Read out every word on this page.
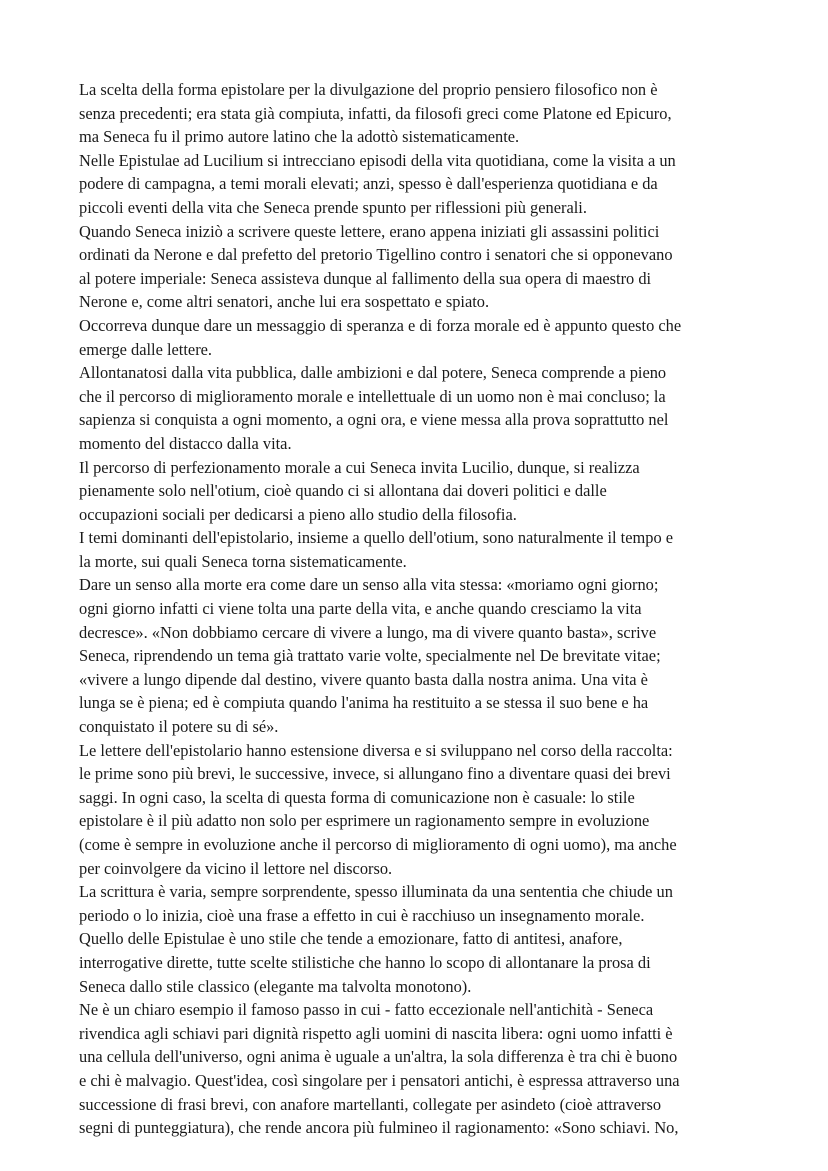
La scelta della forma epistolare per la divulgazione del proprio pensiero filosofico non è

senza precedenti; era stata già compiuta, infatti, da filosofi greci come Platone ed Epicuro,

ma Seneca fu il primo autore latino che la adottò sistematicamente.

Nelle Epistulae ad Lucilium si intrecciano episodi della vita quotidiana, come la visita a un

podere di campagna, a temi morali elevati; anzi, spesso è dall'esperienza quotidiana e da

piccoli eventi della vita che Seneca prende spunto per riflessioni più generali.

Quando Seneca iniziò a scrivere queste lettere, erano appena iniziati gli assassini politici

ordinati da Nerone e dal prefetto del pretorio Tigellino contro i senatori che si opponevano

al potere imperiale: Seneca assisteva dunque al fallimento della sua opera di maestro di

Nerone e, come altri senatori, anche lui era sospettato e spiato.

Occorreva dunque dare un messaggio di speranza e di forza morale ed è appunto questo che

emerge dalle lettere.

Allontanatosi dalla vita pubblica, dalle ambizioni e dal potere, Seneca comprende a pieno

che il percorso di miglioramento morale e intellettuale di un uomo non è mai concluso; la

sapienza si conquista a ogni momento, a ogni ora, e viene messa alla prova soprattutto nel

momento del distacco dalla vita.

Il percorso di perfezionamento morale a cui Seneca invita Lucilio, dunque, si realizza

pienamente solo nell'otium, cioè quando ci si allontana dai doveri politici e dalle

occupazioni sociali per dedicarsi a pieno allo studio della filosofia.

I temi dominanti dell'epistolario, insieme a quello dell'otium, sono naturalmente il tempo e

la morte, sui quali Seneca torna sistematicamente.

Dare un senso alla morte era come dare un senso alla vita stessa: «moriamo ogni giorno;

ogni giorno infatti ci viene tolta una parte della vita, e anche quando cresciamo la vita

decresce». «Non dobbiamo cercare di vivere a lungo, ma di vivere quanto basta», scrive

Seneca, riprendendo un tema già trattato varie volte, specialmente nel De brevitate vitae;

«vivere a lungo dipende dal destino, vivere quanto basta dalla nostra anima. Una vita è

lunga se è piena; ed è compiuta quando l'anima ha restituito a se stessa il suo bene e ha

conquistato il potere su di sé».

Le lettere dell'epistolario hanno estensione diversa e si sviluppano nel corso della raccolta:

le prime sono più brevi, le successive, invece, si allungano fino a diventare quasi dei brevi

saggi. In ogni caso, la scelta di questa forma di comunicazione non è casuale: lo stile

epistolare è il più adatto non solo per esprimere un ragionamento sempre in evoluzione

(come è sempre in evoluzione anche il percorso di miglioramento di ogni uomo), ma anche

per coinvolgere da vicino il lettore nel discorso.

La scrittura è varia, sempre sorprendente, spesso illuminata da una sententia che chiude un

periodo o lo inizia, cioè una frase a effetto in cui è racchiuso un insegnamento morale.

Quello delle Epistulae è uno stile che tende a emozionare, fatto di antitesi, anafore,

interrogative dirette, tutte scelte stilistiche che hanno lo scopo di allontanare la prosa di

Seneca dallo stile classico (elegante ma talvolta monotono).

Ne è un chiaro esempio il famoso passo in cui - fatto eccezionale nell'antichità - Seneca

rivendica agli schiavi pari dignità rispetto agli uomini di nascita libera: ogni uomo infatti è

una cellula dell'universo, ogni anima è uguale a un'altra, la sola differenza è tra chi è buono

e chi è malvagio. Quest'idea, così singolare per i pensatori antichi, è espressa attraverso una

successione di frasi brevi, con anafore martellanti, collegate per asindeto (cioè attraverso

segni di punteggiatura), che rende ancora più fulmineo il ragionamento: «Sono schiavi. No,
